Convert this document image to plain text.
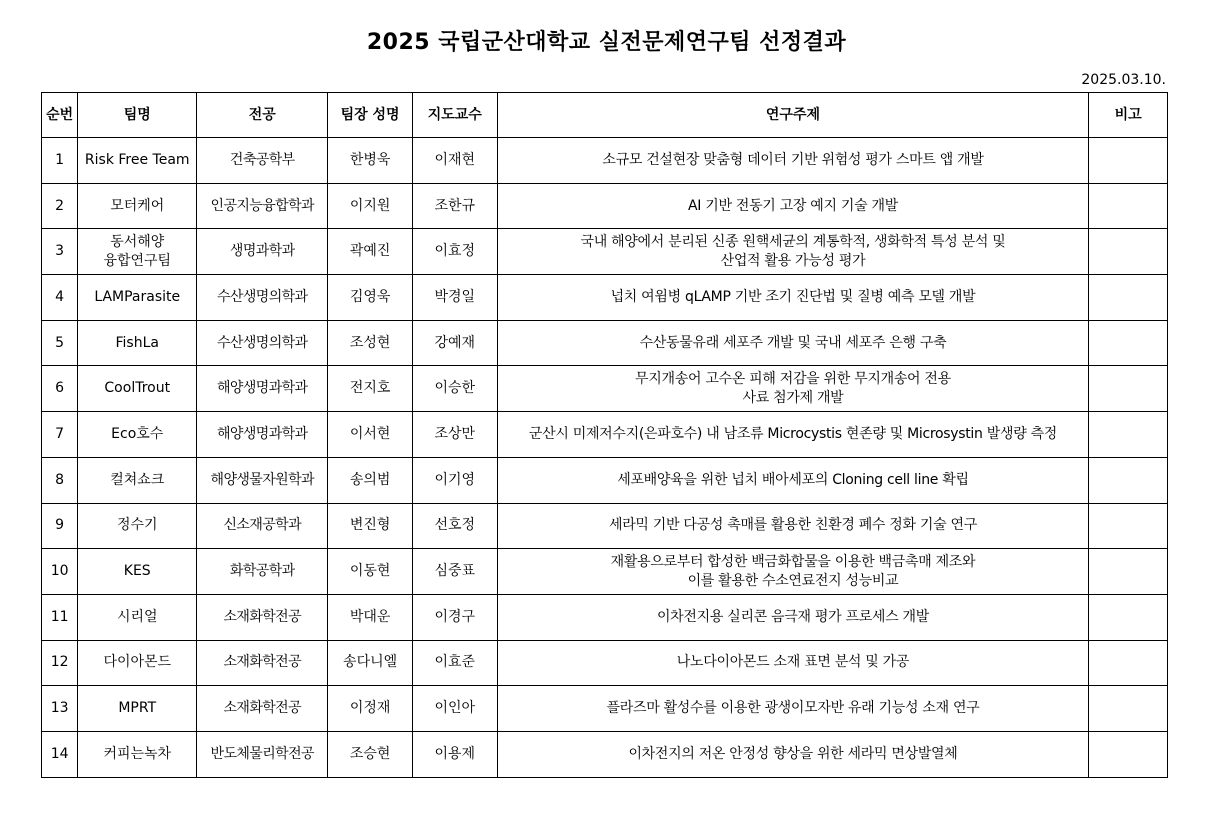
2025 국립군산대학교 실전문제연구팀 선정결과
2025.03.10.
순번	팀명	전공	팀장 성명	지도교수	연구주제	비고
1	Risk Free Team	건축공학부	한병욱	이재현	소규모 건설현장 맞춤형 데이터 기반 위험성 평가 스마트 앱 개발	
2	모터케어	인공지능융합학과	이지원	조한규	AI 기반 전동기 고장 예지 기술 개발	
3	동서해양
융합연구팀	생명과학과	곽예진	이효정	국내 해양에서 분리된 신종 원핵세균의 계통학적, 생화학적 특성 분석 및
산업적 활용 가능성 평가	
4	LAMParasite	수산생명의학과	김영욱	박경일	넙치 여윔병 qLAMP 기반 조기 진단법 및 질병 예측 모델 개발	
5	FishLa	수산생명의학과	조성현	강예재	수산동물유래 세포주 개발 및 국내 세포주 은행 구축	
6	CoolTrout	해양생명과학과	전지호	이승한	무지개송어 고수온 피해 저감을 위한 무지개송어 전용
사료 첨가제 개발	
7	Eco호수	해양생명과학과	이서현	조상만	군산시 미제저수지(은파호수) 내 남조류 Microcystis 현존량 및 Microsystin 발생량 측정	
8	컬쳐쇼크	해양생물자원학과	송의범	이기영	세포배양육을 위한 넙치 배아세포의 Cloning cell line 확립	
9	정수기	신소재공학과	변진형	선호정	세라믹 기반 다공성 촉매를 활용한 친환경 폐수 정화 기술 연구	
10	KES	화학공학과	이동현	심중표	재활용으로부터 합성한 백금화합물을 이용한 백금촉매 제조와
이를 활용한 수소연료전지 성능비교	
11	시리얼	소재화학전공	박대운	이경구	이차전지용 실리콘 음극재 평가 프로세스 개발	
12	다이아몬드	소재화학전공	송다니엘	이효준	나노다이아몬드 소재 표면 분석 및 가공	
13	MPRT	소재화학전공	이정재	이인아	플라즈마 활성수를 이용한 광생이모자반 유래 기능성 소재 연구	
14	커피는녹차	반도체물리학전공	조승현	이용제	이차전지의 저온 안정성 향상을 위한 세라믹 면상발열체	
